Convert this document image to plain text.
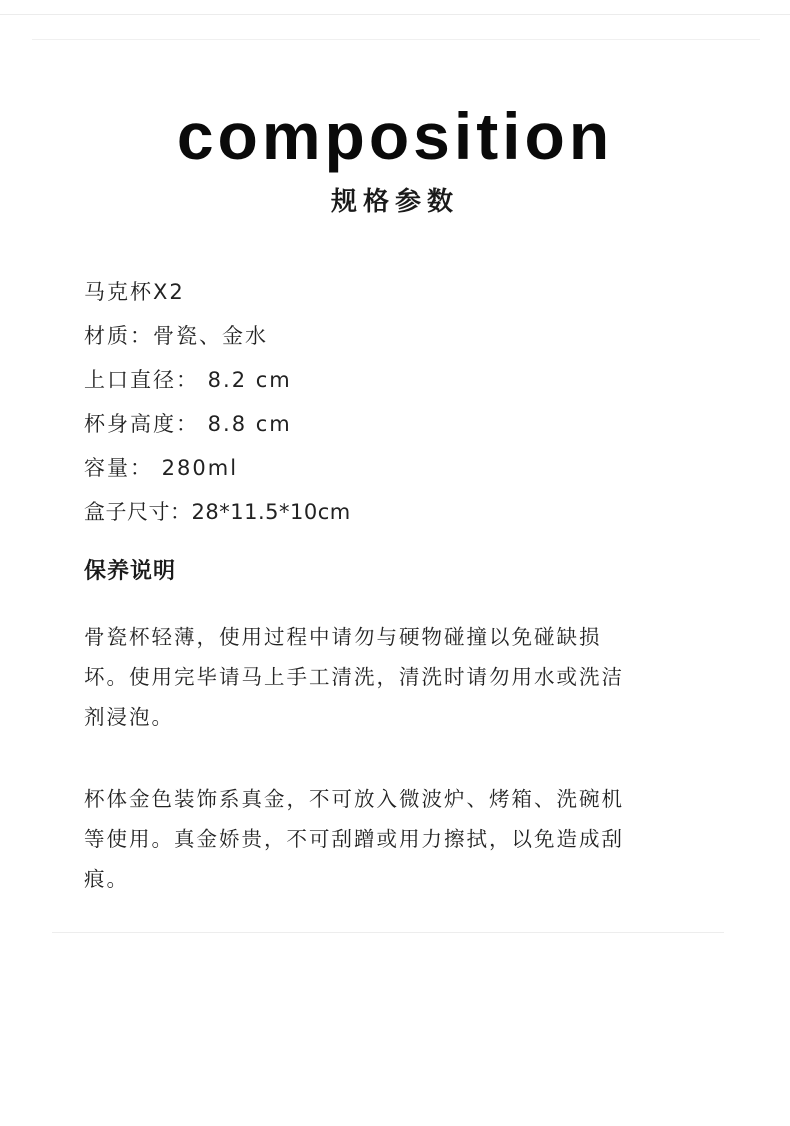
composition
规格参数
马克杯X2
材质：骨瓷、金水
上口直径： 8.2 cm
杯身高度： 8.8 cm
容量： 280ml
盒子尺寸：28*11.5*10cm
保养说明
骨瓷杯轻薄，使用过程中请勿与硬物碰撞以免碰缺损
坏。使用完毕请马上手工清洗，清洗时请勿用水或洗洁
剂浸泡。
杯体金色装饰系真金，不可放入微波炉、烤箱、洗碗机
等使用。真金娇贵，不可刮蹭或用力擦拭，以免造成刮
痕。
